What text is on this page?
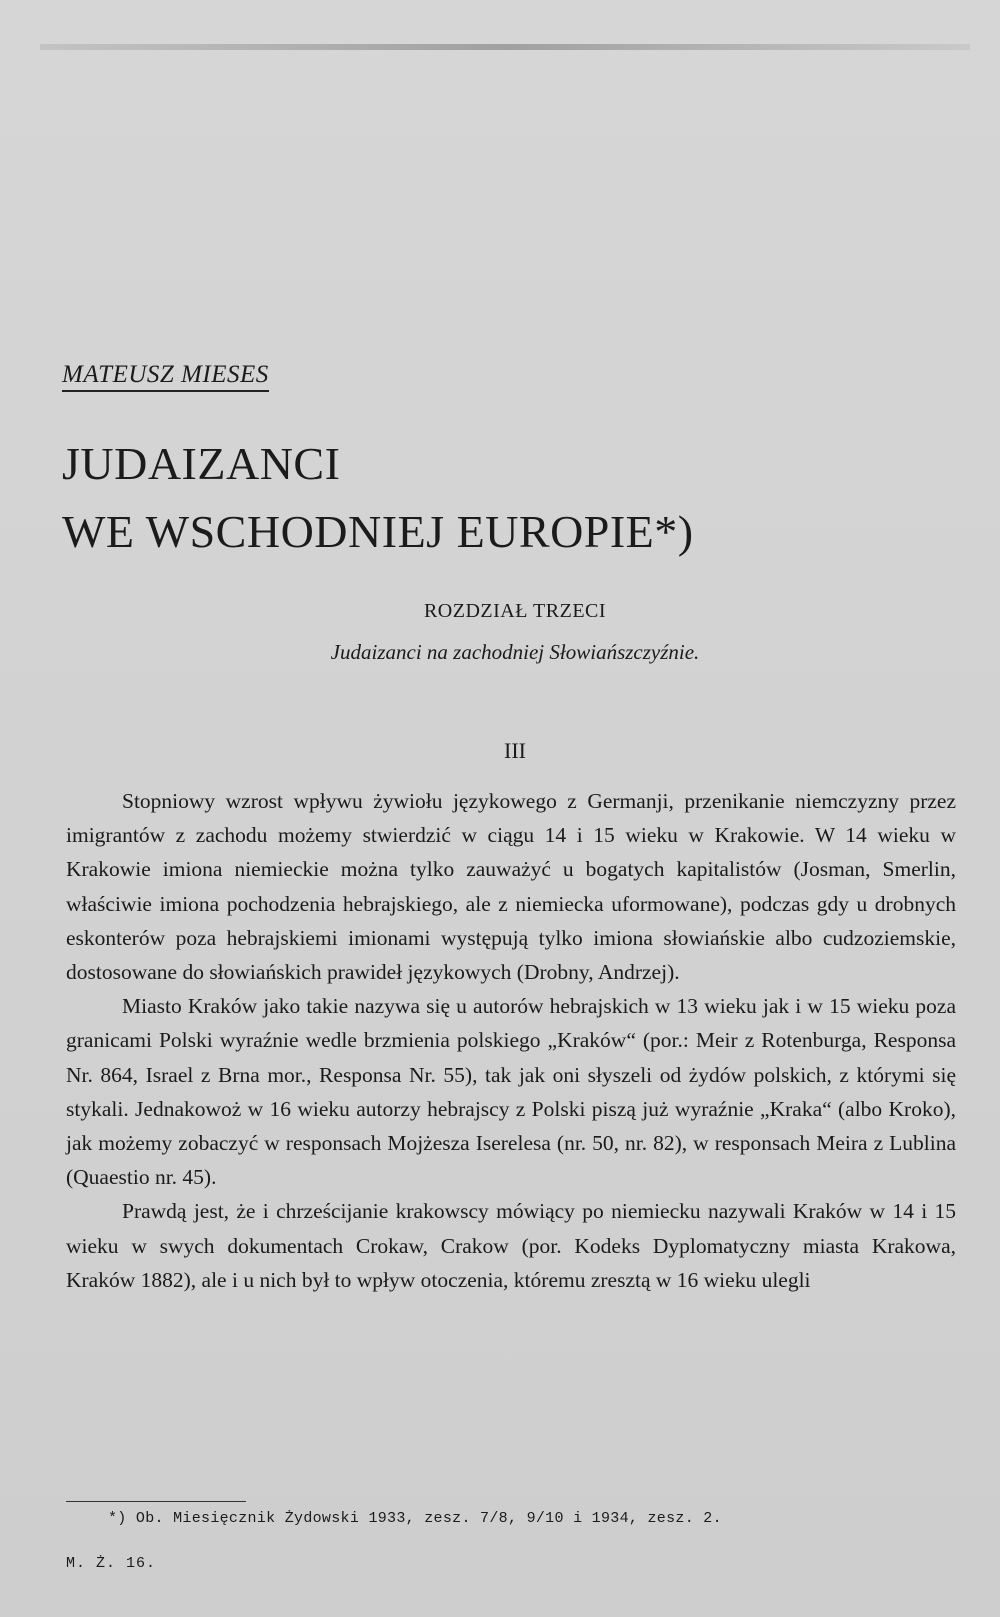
MATEUSZ MIESES
JUDAIZANCI
WE WSCHODNIEJ EUROPIE*)
ROZDZIAŁ TRZECI
Judaizanci na zachodniej Słowiańszczyźnie.
III

Stopniowy wzrost wpływu żywiołu językowego z Germanji, przenikanie niemczyzny przez imigrantów z zachodu możemy stwierdzić w ciągu 14 i 15 wieku w Krakowie. W 14 wieku w Krakowie imiona niemieckie można tylko zauważyć u bogatych kapitalistów (Josman, Smerlin, właściwie imiona pochodzenia hebrajskiego, ale z niemiecka uformowane), podczas gdy u drobnych eskonterów poza hebrajskiemi imionami występują tylko imiona słowiańskie albo cudzoziemskie, dostosowane do słowiańskich prawideł językowych (Drobny, Andrzej).

Miasto Kraków jako takie nazywa się u autorów hebrajskich w 13 wieku jak i w 15 wieku poza granicami Polski wyraźnie wedle brzmienia polskiego „Kraków“ (por.: Meir z Rotenburga, Responsa Nr. 864, Israel z Brna mor., Responsa Nr. 55), tak jak oni słyszeli od żydów polskich, z którymi się stykali. Jednakowoż w 16 wieku autorzy hebrajscy z Polski piszą już wyraźnie „Kraka“ (albo Kroko), jak możemy zobaczyć w responsach Mojżesza Iserelesa (nr. 50, nr. 82), w responsach Meira z Lublina (Quaestio nr. 45).

Prawdą jest, że i chrześcijanie krakowscy mówiący po niemiecku nazywali Kraków w 14 i 15 wieku w swych dokumentach Crokaw, Crakow (por. Kodeks Dyplomatyczny miasta Krakowa, Kraków 1882), ale i u nich był to wpływ otoczenia, któremu zresztą w 16 wieku ulegli

*) Ob. Miesięcznik Żydowski 1933, zesz. 7/8, 9/10 i 1934, zesz. 2.
M. Ż. 16.
